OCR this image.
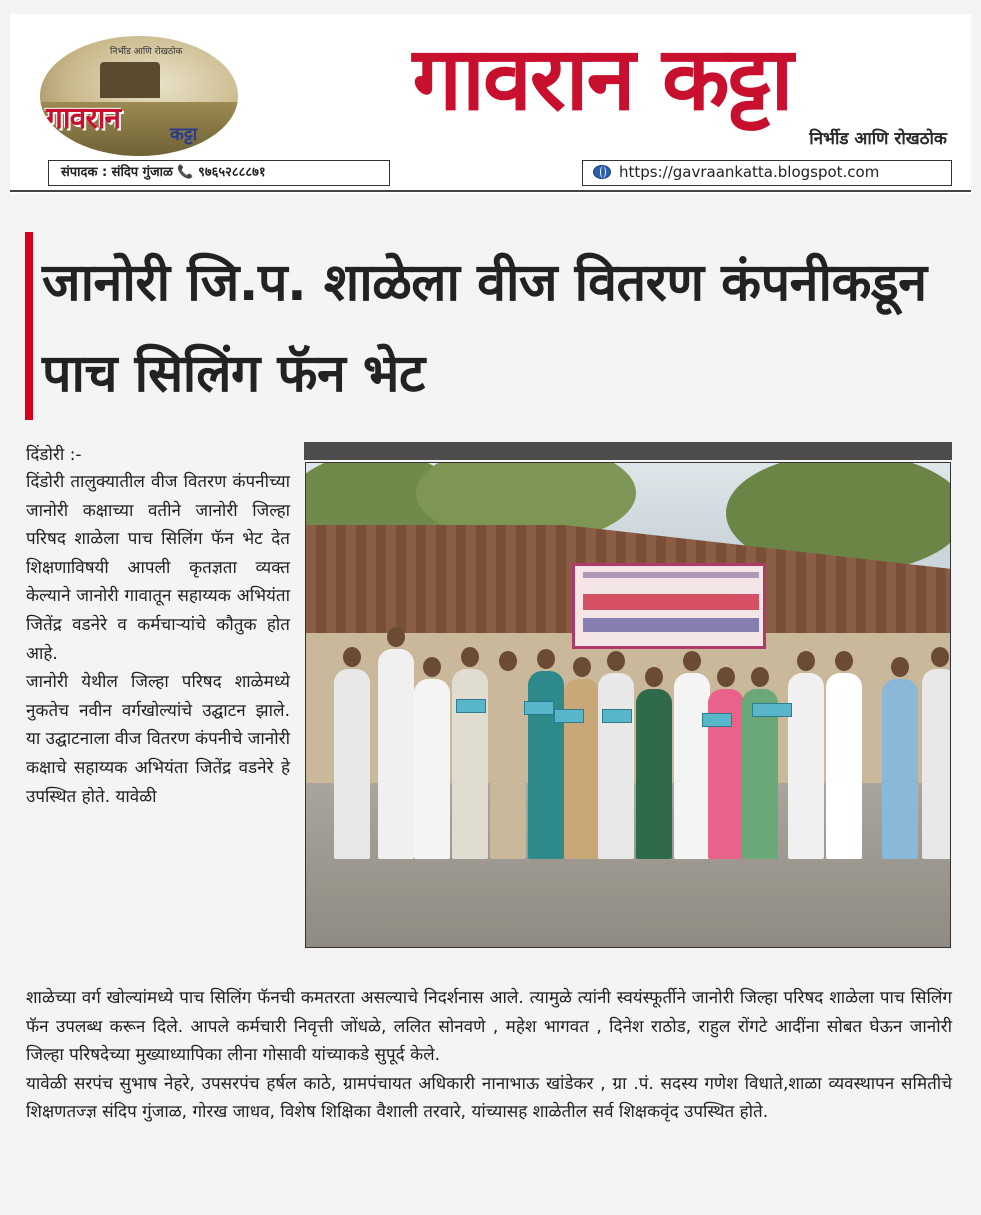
निर्भीड आणि रोखठोक
गावरान	कट्टा
गावरान कट्टा
निर्भीड आणि रोखठोक
संपादक : संदिप गुंजाळ 📞 ९७६५२८८८७१	https://gavraankatta.blogspot.com
जानोरी जि.प. शाळेला वीज वितरण कंपनीकडून पाच सिलिंग फॅन भेट
दिंडोरी :-

दिंडोरी तालुक्यातील वीज वितरण कंपनीच्या जानोरी कक्षाच्या वतीने जानोरी जिल्हा परिषद शाळेला पाच सिलिंग फॅन भेट देत शिक्षणाविषयी आपली कृतज्ञता व्यक्त केल्याने जानोरी गावातून सहाय्यक अभियंता जितेंद्र वडनेरे व कर्मचाऱ्यांचे कौतुक होत आहे.

जानोरी येथील जिल्हा परिषद शाळेमध्ये नुकतेच नवीन वर्गखोल्यांचे उद्घाटन झाले. या उद्घाटनाला वीज वितरण कंपनीचे जानोरी कक्षाचे सहाय्यक अभियंता जितेंद्र वडनेरे हे उपस्थित होते. यावेळी

शाळेच्या वर्ग खोल्यांमध्ये पाच सिलिंग फॅनची कमतरता असल्याचे निदर्शनास आले. त्यामुळे त्यांनी स्वयंस्फूर्तीने जानोरी जिल्हा परिषद शाळेला पाच सिलिंग फॅन उपलब्ध करून दिले. आपले कर्मचारी निवृत्ती जोंधळे, ललित सोनवणे , महेश भागवत , दिनेश राठोड, राहुल रोंगटे आदींना सोबत घेऊन जानोरी जिल्हा परिषदेच्या मुख्याध्यापिका लीना गोसावी यांच्याकडे सुपूर्द केले.

यावेळी सरपंच सुभाष नेहरे, उपसरपंच हर्षल काठे, ग्रामपंचायत अधिकारी नानाभाऊ खांडेकर , ग्रा .पं. सदस्य गणेश विधाते,शाळा व्यवस्थापन समितीचे शिक्षणतज्ज्ञ संदिप गुंजाळ, गोरख जाधव, विशेष शिक्षिका वैशाली तरवारे, यांच्यासह शाळेतील सर्व शिक्षकवृंद उपस्थित होते.
